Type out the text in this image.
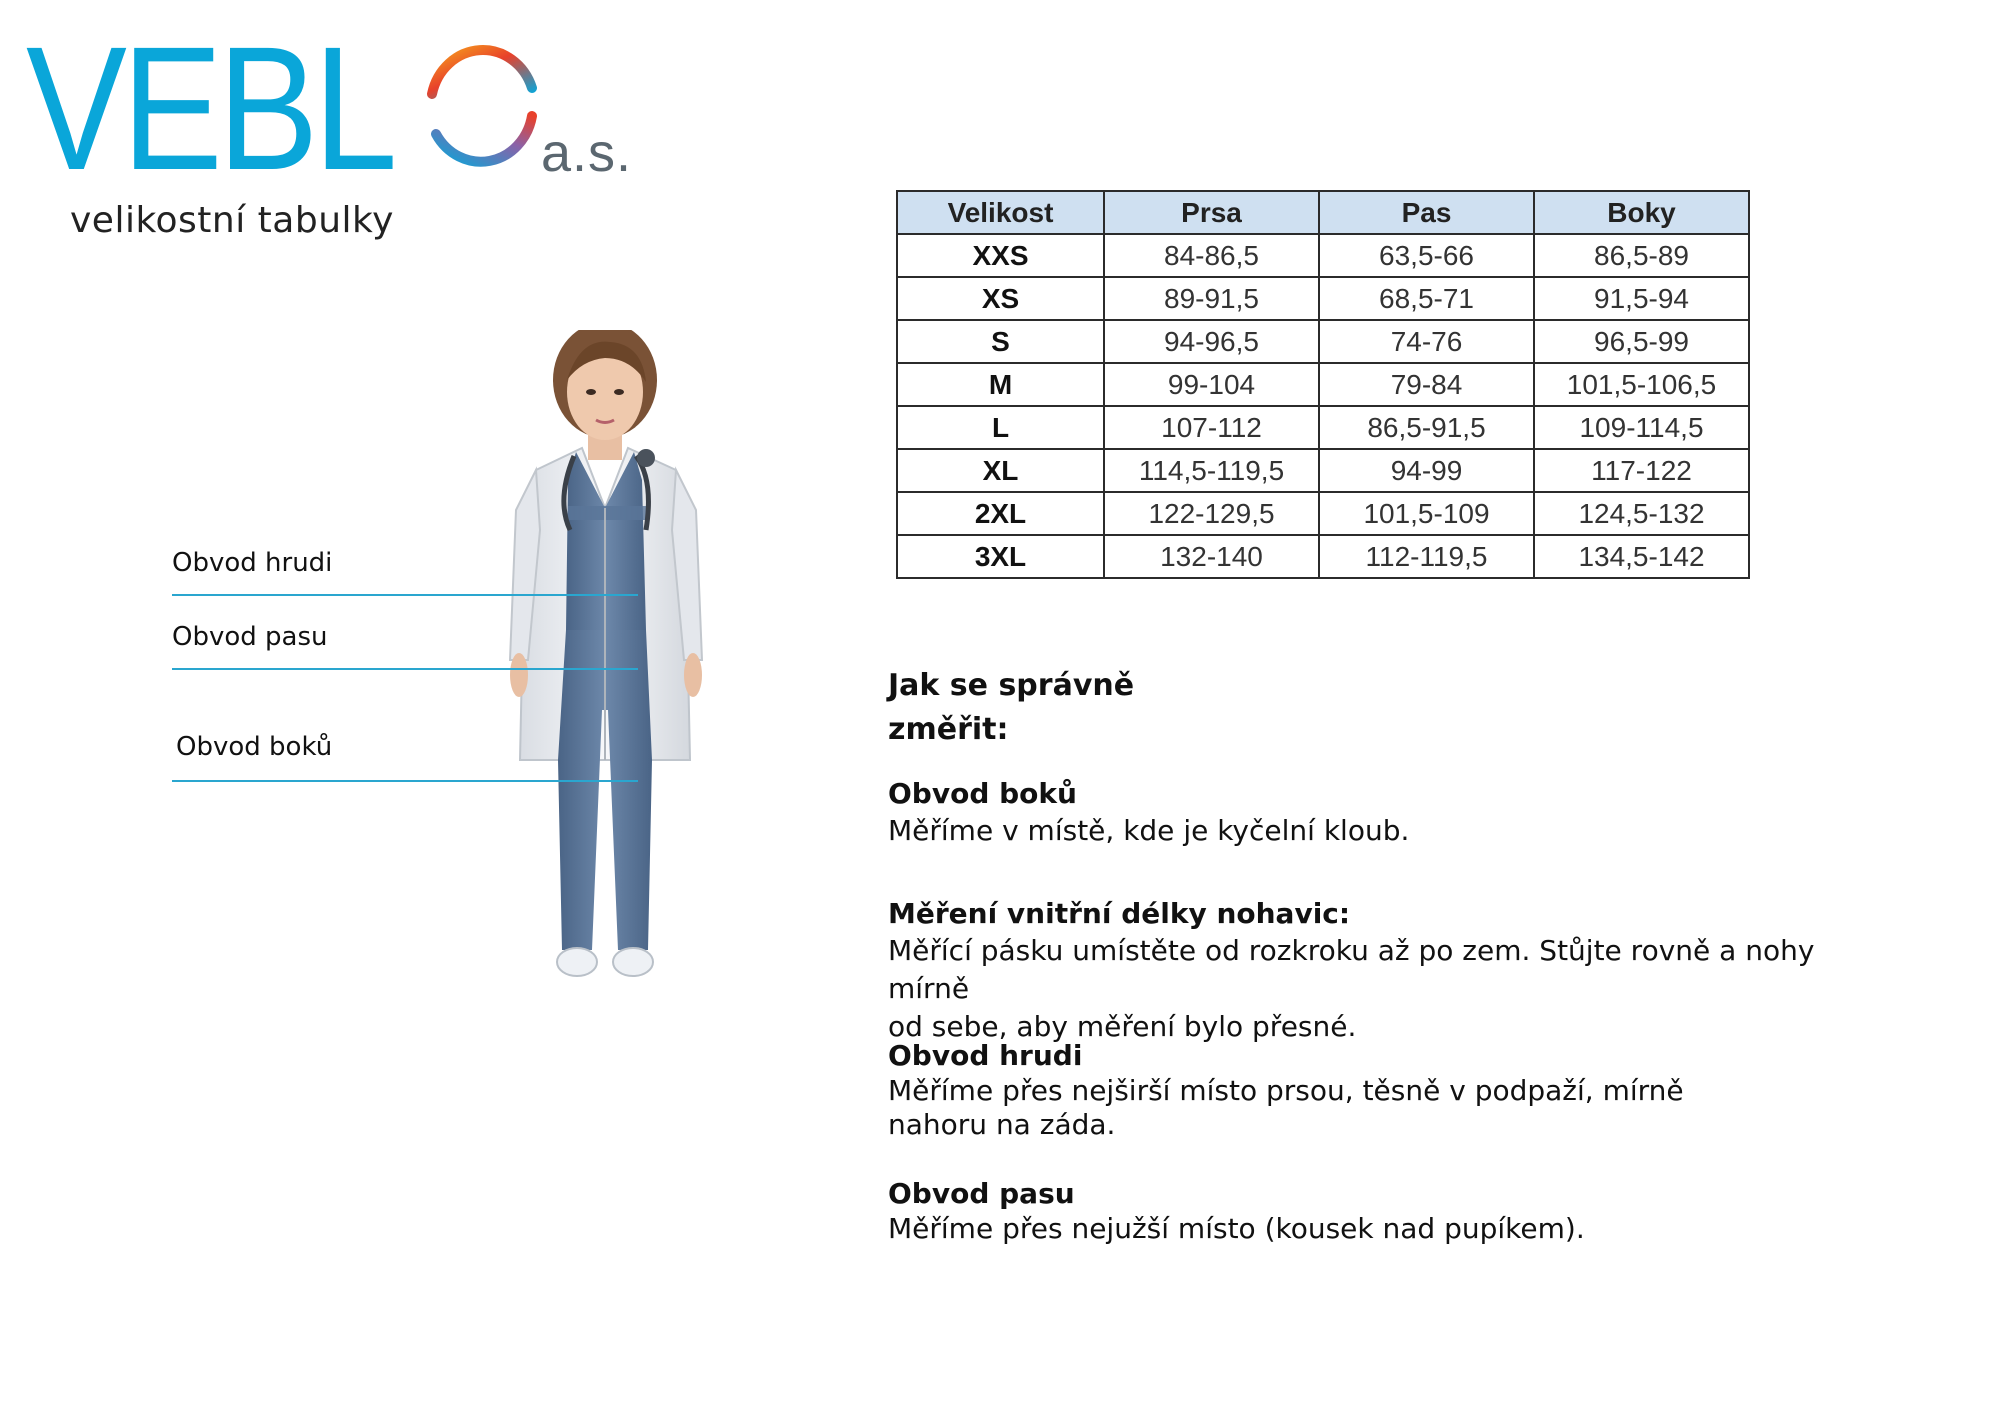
VEBL	a.s.
velikostní tabulky
Obvod hrudi
Obvod pasu
Obvod boků
Velikost	Prsa	Pas	Boky
XXS	84-86,5	63,5-66	86,5-89
XS	89-91,5	68,5-71	91,5-94
S	94-96,5	74-76	96,5-99
M	99-104	79-84	101,5-106,5
L	107-112	86,5-91,5	109-114,5
XL	114,5-119,5	94-99	117-122
2XL	122-129,5	101,5-109	124,5-132
3XL	132-140	112-119,5	134,5-142
Jak se správně
změřit:
Obvod boků
Měříme v místě, kde je kyčelní kloub.
Měření vnitřní délky nohavic:
Měřící pásku umístěte od rozkroku až po zem. Stůjte rovně a nohy mírně
od sebe, aby měření bylo přesné.
Obvod hrudi
Měříme přes nejširší místo prsou, těsně v podpaží, mírně
nahoru na záda.
Obvod pasu
Měříme přes nejužší místo (kousek nad pupíkem).
